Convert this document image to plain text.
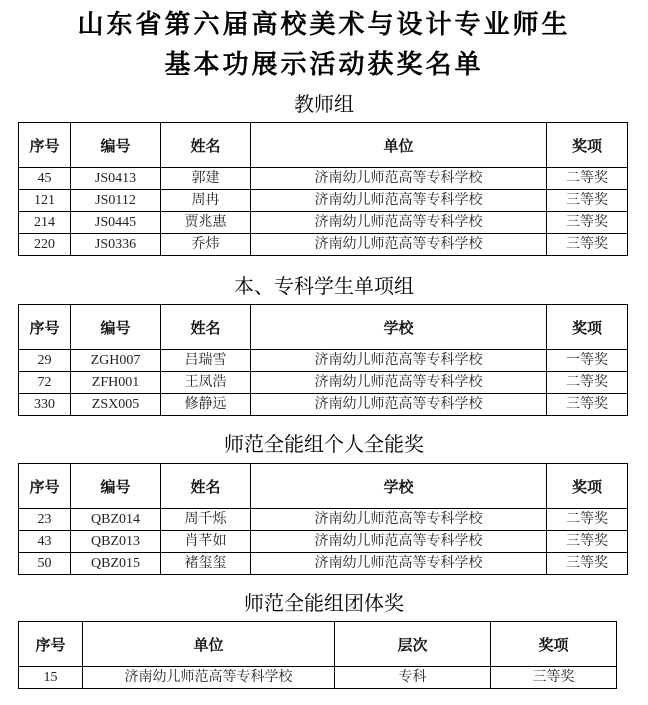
山东省第六届高校美术与设计专业师生
基本功展示活动获奖名单
教师组
序号	编号	姓名	单位	奖项
45	JS0413	郭建	济南幼儿师范高等专科学校	二等奖
121	JS0112	周冉	济南幼儿师范高等专科学校	三等奖
214	JS0445	贾兆惠	济南幼儿师范高等专科学校	三等奖
220	JS0336	乔炜	济南幼儿师范高等专科学校	三等奖
本、专科学生单项组
序号	编号	姓名	学校	奖项
29	ZGH007	吕瑞雪	济南幼儿师范高等专科学校	一等奖
72	ZFH001	王凤浩	济南幼儿师范高等专科学校	二等奖
330	ZSX005	修静远	济南幼儿师范高等专科学校	三等奖
师范全能组个人全能奖
序号	编号	姓名	学校	奖项
23	QBZ014	周千烁	济南幼儿师范高等专科学校	二等奖
43	QBZ013	肖芊如	济南幼儿师范高等专科学校	三等奖
50	QBZ015	褚玺玺	济南幼儿师范高等专科学校	三等奖
师范全能组团体奖
序号	单位	层次	奖项
15	济南幼儿师范高等专科学校	专科	三等奖
